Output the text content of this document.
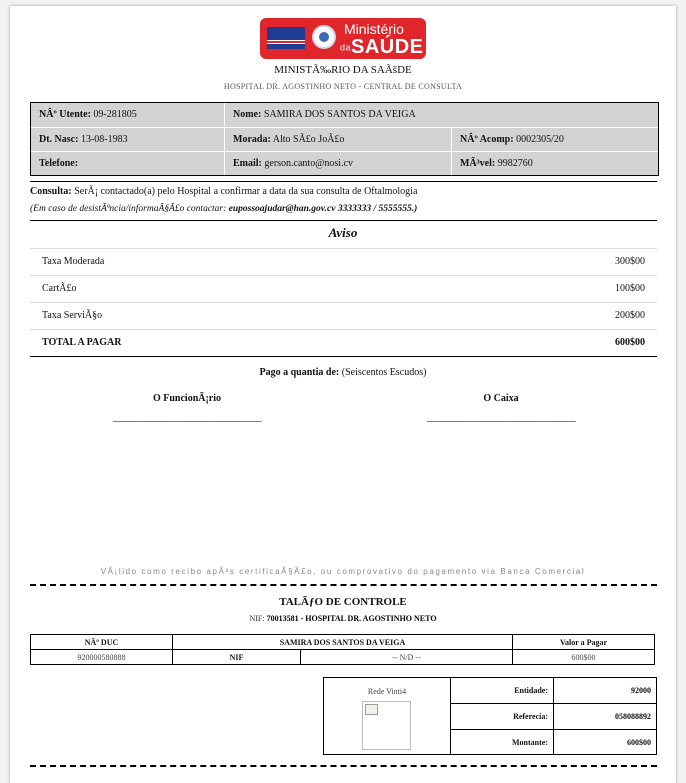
Ministério
daSAÚDE
MINISTÃ‰RIO DA SAÃšDE
HOSPITAL DR. AGOSTINHO NETO - CENTRAL DE CONSULTA
NÂº Utente: 09-281805	Nome: SAMIRA DOS SANTOS DA VEIGA
Dt. Nasc: 13-08-1983	Morada: Alto SÃ£o JoÃ£o	NÂº Acomp: 0002305/20
Telefone:	Email: gerson.canto@nosi.cv	MÃ³vel: 9982760
Consulta: SerÃ¡ contactado(a) pelo Hospital a confirmar a data da sua consulta de Oftalmologia
(Em caso de desistÃªncia/informaÃ§Ã£o contactar: eupossoajudar@han.gov.cv 3333333 / 5555555.)
Aviso
Taxa Moderada	300$00
CartÃ£o	100$00
Taxa ServiÃ§o	200$00
TOTAL A PAGAR	600$00
Pago a quantia de: (Seiscentos Escudos)
O FuncionÃ¡rio	O Caixa
_________________________________	_________________________________
VÃ¡lido como recibo apÃ³s certificaÃ§Ã£o, ou comprovativo do pagamento via Banca Comercial
TALÃƒO DE CONTROLE
NIF: 70013581 - HOSPITAL DR. AGOSTINHO NETO
NÂº DUC	SAMIRA DOS SANTOS DA VEIGA		Valor a Pagar
920000580888	NIF	-- N/D --	600$00
Rede Vinti4	Entidade:	92000
Referecia:	058088892
Montante:	600$00
